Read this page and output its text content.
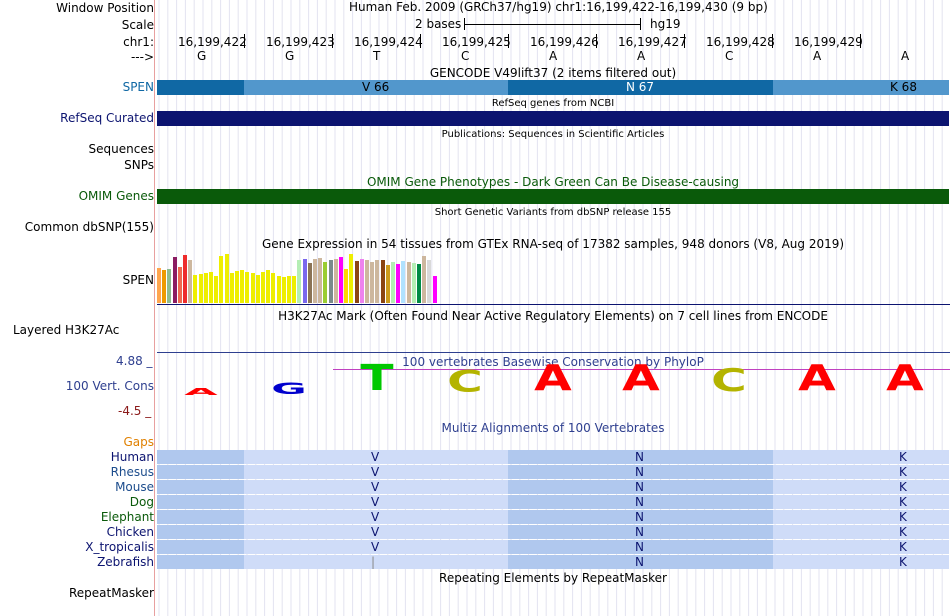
Window Position
Scale
chr1:
--->
Human Feb. 2009 (GRCh37/hg19) chr1:16,199,422-16,199,430 (9 bp)
2 bases	hg19
16,199,422 16,199,423 16,199,424 16,199,425 16,199,426 16,199,427 16,199,428 16,199,429
G	G	T	C	A	A	C	A	A
GENCODE V49lift37 (2 items filtered out)
SPEN	V 66	N 67	K 68
RefSeq genes from NCBI
RefSeq Curated
Publications: Sequences in Scientific Articles
Sequences
SNPs
OMIM Gene Phenotypes - Dark Green Can Be Disease-causing
OMIM Genes
Short Genetic Variants from dbSNP release 155
Common dbSNP(155)
Gene Expression in 54 tissues from GTEx RNA-seq of 17382 samples, 948 donors (V8, Aug 2019)
SPEN
H3K27Ac Mark (Often Found Near Active Regulatory Elements) on 7 cell lines from ENCODE
Layered H3K27Ac
100 vertebrates Basewise Conservation by PhyloP
4.88 _
100 Vert. Cons
-4.5 _
A	G	T	C	A	A	C	A	A
Multiz Alignments of 100 Vertebrates
Gaps
Human	V	N	K
Rhesus	V	N	K
Mouse	V	N	K
Dog	V	N	K
Elephant	V	N	K
Chicken	V	N	K
X_tropicalis	V	N	K
Zebrafish	|	N	K
Repeating Elements by RepeatMasker
RepeatMasker
